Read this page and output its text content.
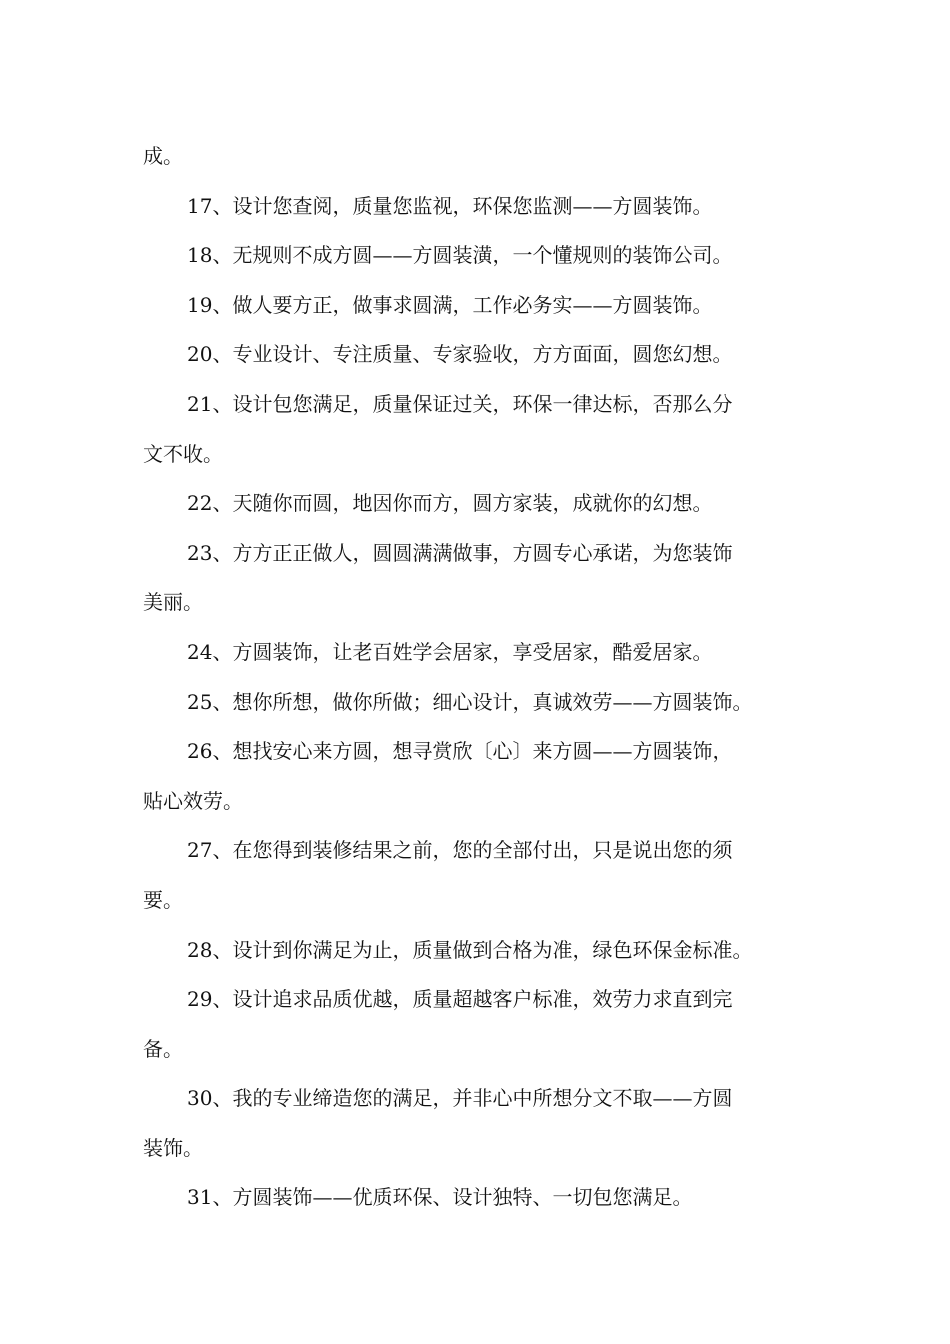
成。
17、设计您查阅，质量您监视，环保您监测——方圆装饰。
18、无规则不成方圆——方圆装潢，一个懂规则的装饰公司。
19、做人要方正，做事求圆满，工作必务实——方圆装饰。
20、专业设计、专注质量、专家验收，方方面面，圆您幻想。
21、设计包您满足，质量保证过关，环保一律达标，否那么分
文不收。
22、天随你而圆，地因你而方，圆方家装，成就你的幻想。
23、方方正正做人，圆圆满满做事，方圆专心承诺，为您装饰
美丽。
24、方圆装饰，让老百姓学会居家，享受居家，酷爱居家。
25、想你所想，做你所做；细心设计，真诚效劳——方圆装饰。
26、想找安心来方圆，想寻赏欣〔心〕来方圆——方圆装饰，
贴心效劳。
27、在您得到装修结果之前，您的全部付出，只是说出您的须
要。
28、设计到你满足为止，质量做到合格为准，绿色环保金标准。
29、设计追求品质优越，质量超越客户标准，效劳力求直到完
备。
30、我的专业缔造您的满足，并非心中所想分文不取——方圆
装饰。
31、方圆装饰——优质环保、设计独特、一切包您满足。
